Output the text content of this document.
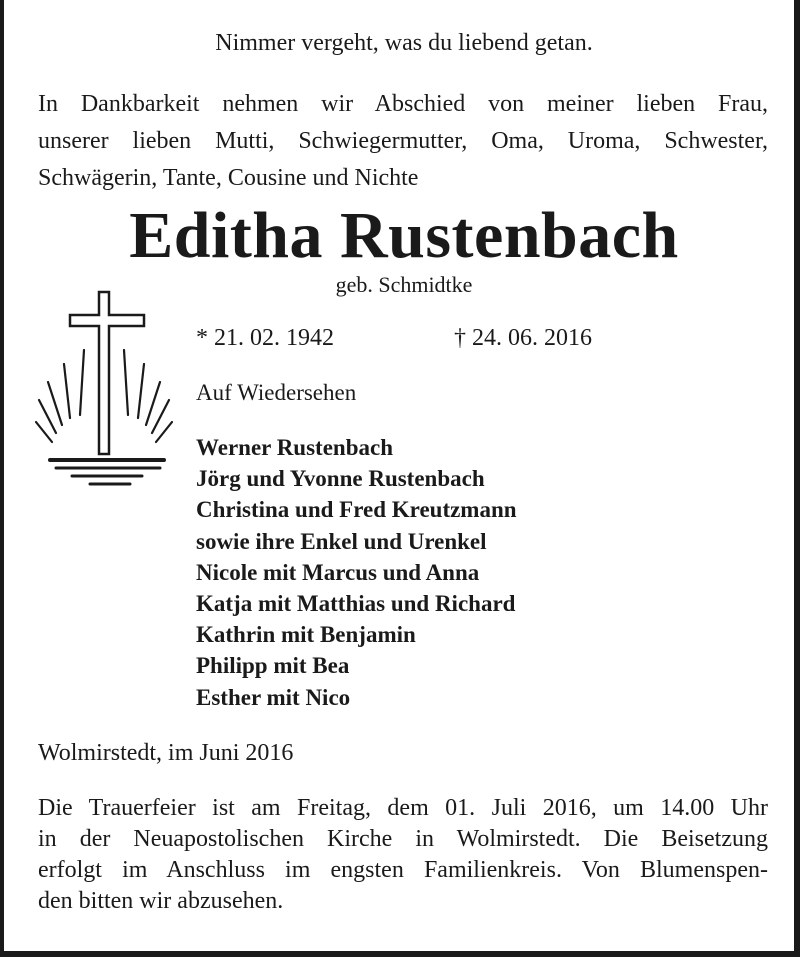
Nimmer vergeht, was du liebend getan.
In Dankbarkeit nehmen wir Abschied von meiner lieben Frau,
unserer lieben Mutti, Schwiegermutter, Oma, Uroma, Schwester,
Schwägerin, Tante, Cousine und Nichte
Editha Rustenbach
geb. Schmidtke
* 21. 02. 1942	† 24. 06. 2016
Auf Wiedersehen
Werner Rustenbach
Jörg und Yvonne Rustenbach
Christina und Fred Kreutzmann
sowie ihre Enkel und Urenkel
Nicole mit Marcus und Anna
Katja mit Matthias und Richard
Kathrin mit Benjamin
Philipp mit Bea
Esther mit Nico
Wolmirstedt, im Juni 2016
Die Trauerfeier ist am Freitag, dem 01. Juli 2016, um 14.00 Uhr
in der Neuapostolischen Kirche in Wolmirstedt. Die Beisetzung
erfolgt im Anschluss im engsten Familienkreis. Von Blumenspen-
den bitten wir abzusehen.
